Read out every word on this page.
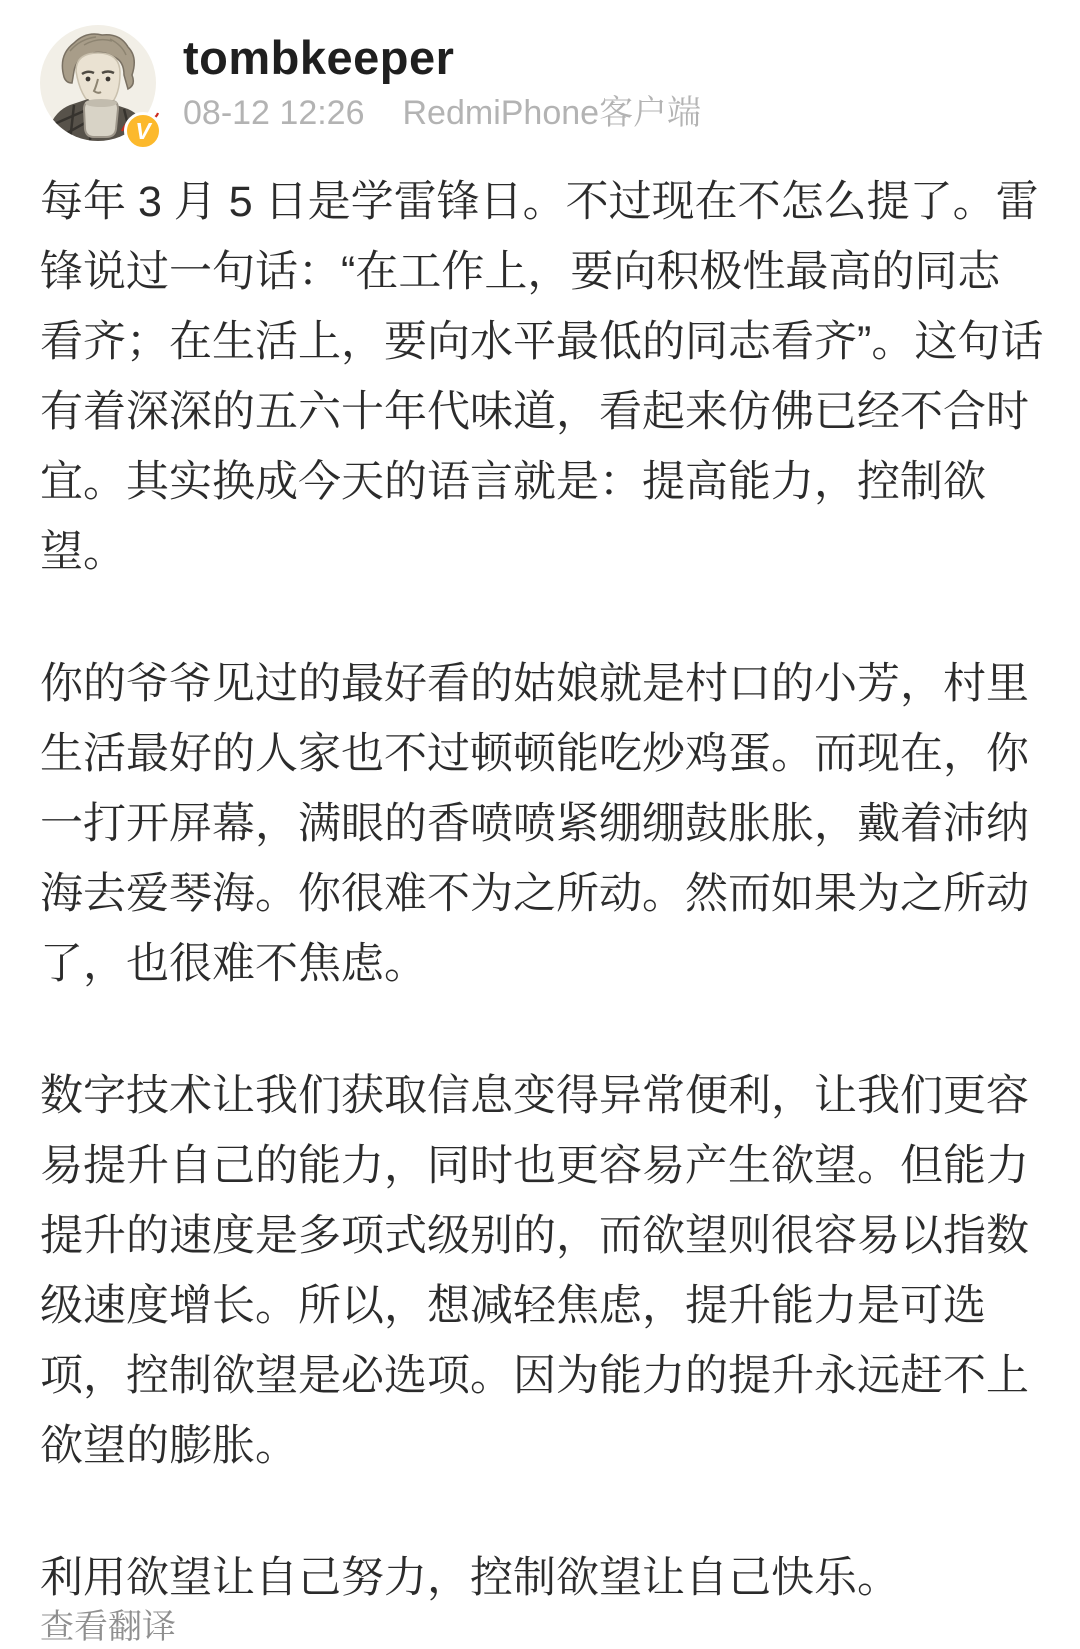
V
tombkeeper
08-12 12:26 RedmiPhone客户端
每年 3 月 5 日是学雷锋日。不过现在不怎么提了。雷
锋说过一句话：“在工作上，要向积极性最高的同志
看齐；在生活上，要向水平最低的同志看齐”。这句话
有着深深的五六十年代味道，看起来仿佛已经不合时
宜。其实换成今天的语言就是：提高能力，控制欲
望。
你的爷爷见过的最好看的姑娘就是村口的小芳，村里
生活最好的人家也不过顿顿能吃炒鸡蛋。而现在，你
一打开屏幕，满眼的香喷喷紧绷绷鼓胀胀，戴着沛纳
海去爱琴海。你很难不为之所动。然而如果为之所动
了，也很难不焦虑。
数字技术让我们获取信息变得异常便利，让我们更容
易提升自己的能力，同时也更容易产生欲望。但能力
提升的速度是多项式级别的，而欲望则很容易以指数
级速度增长。所以，想减轻焦虑，提升能力是可选
项，控制欲望是必选项。因为能力的提升永远赶不上
欲望的膨胀。
利用欲望让自己努力，控制欲望让自己快乐。
查看翻译
